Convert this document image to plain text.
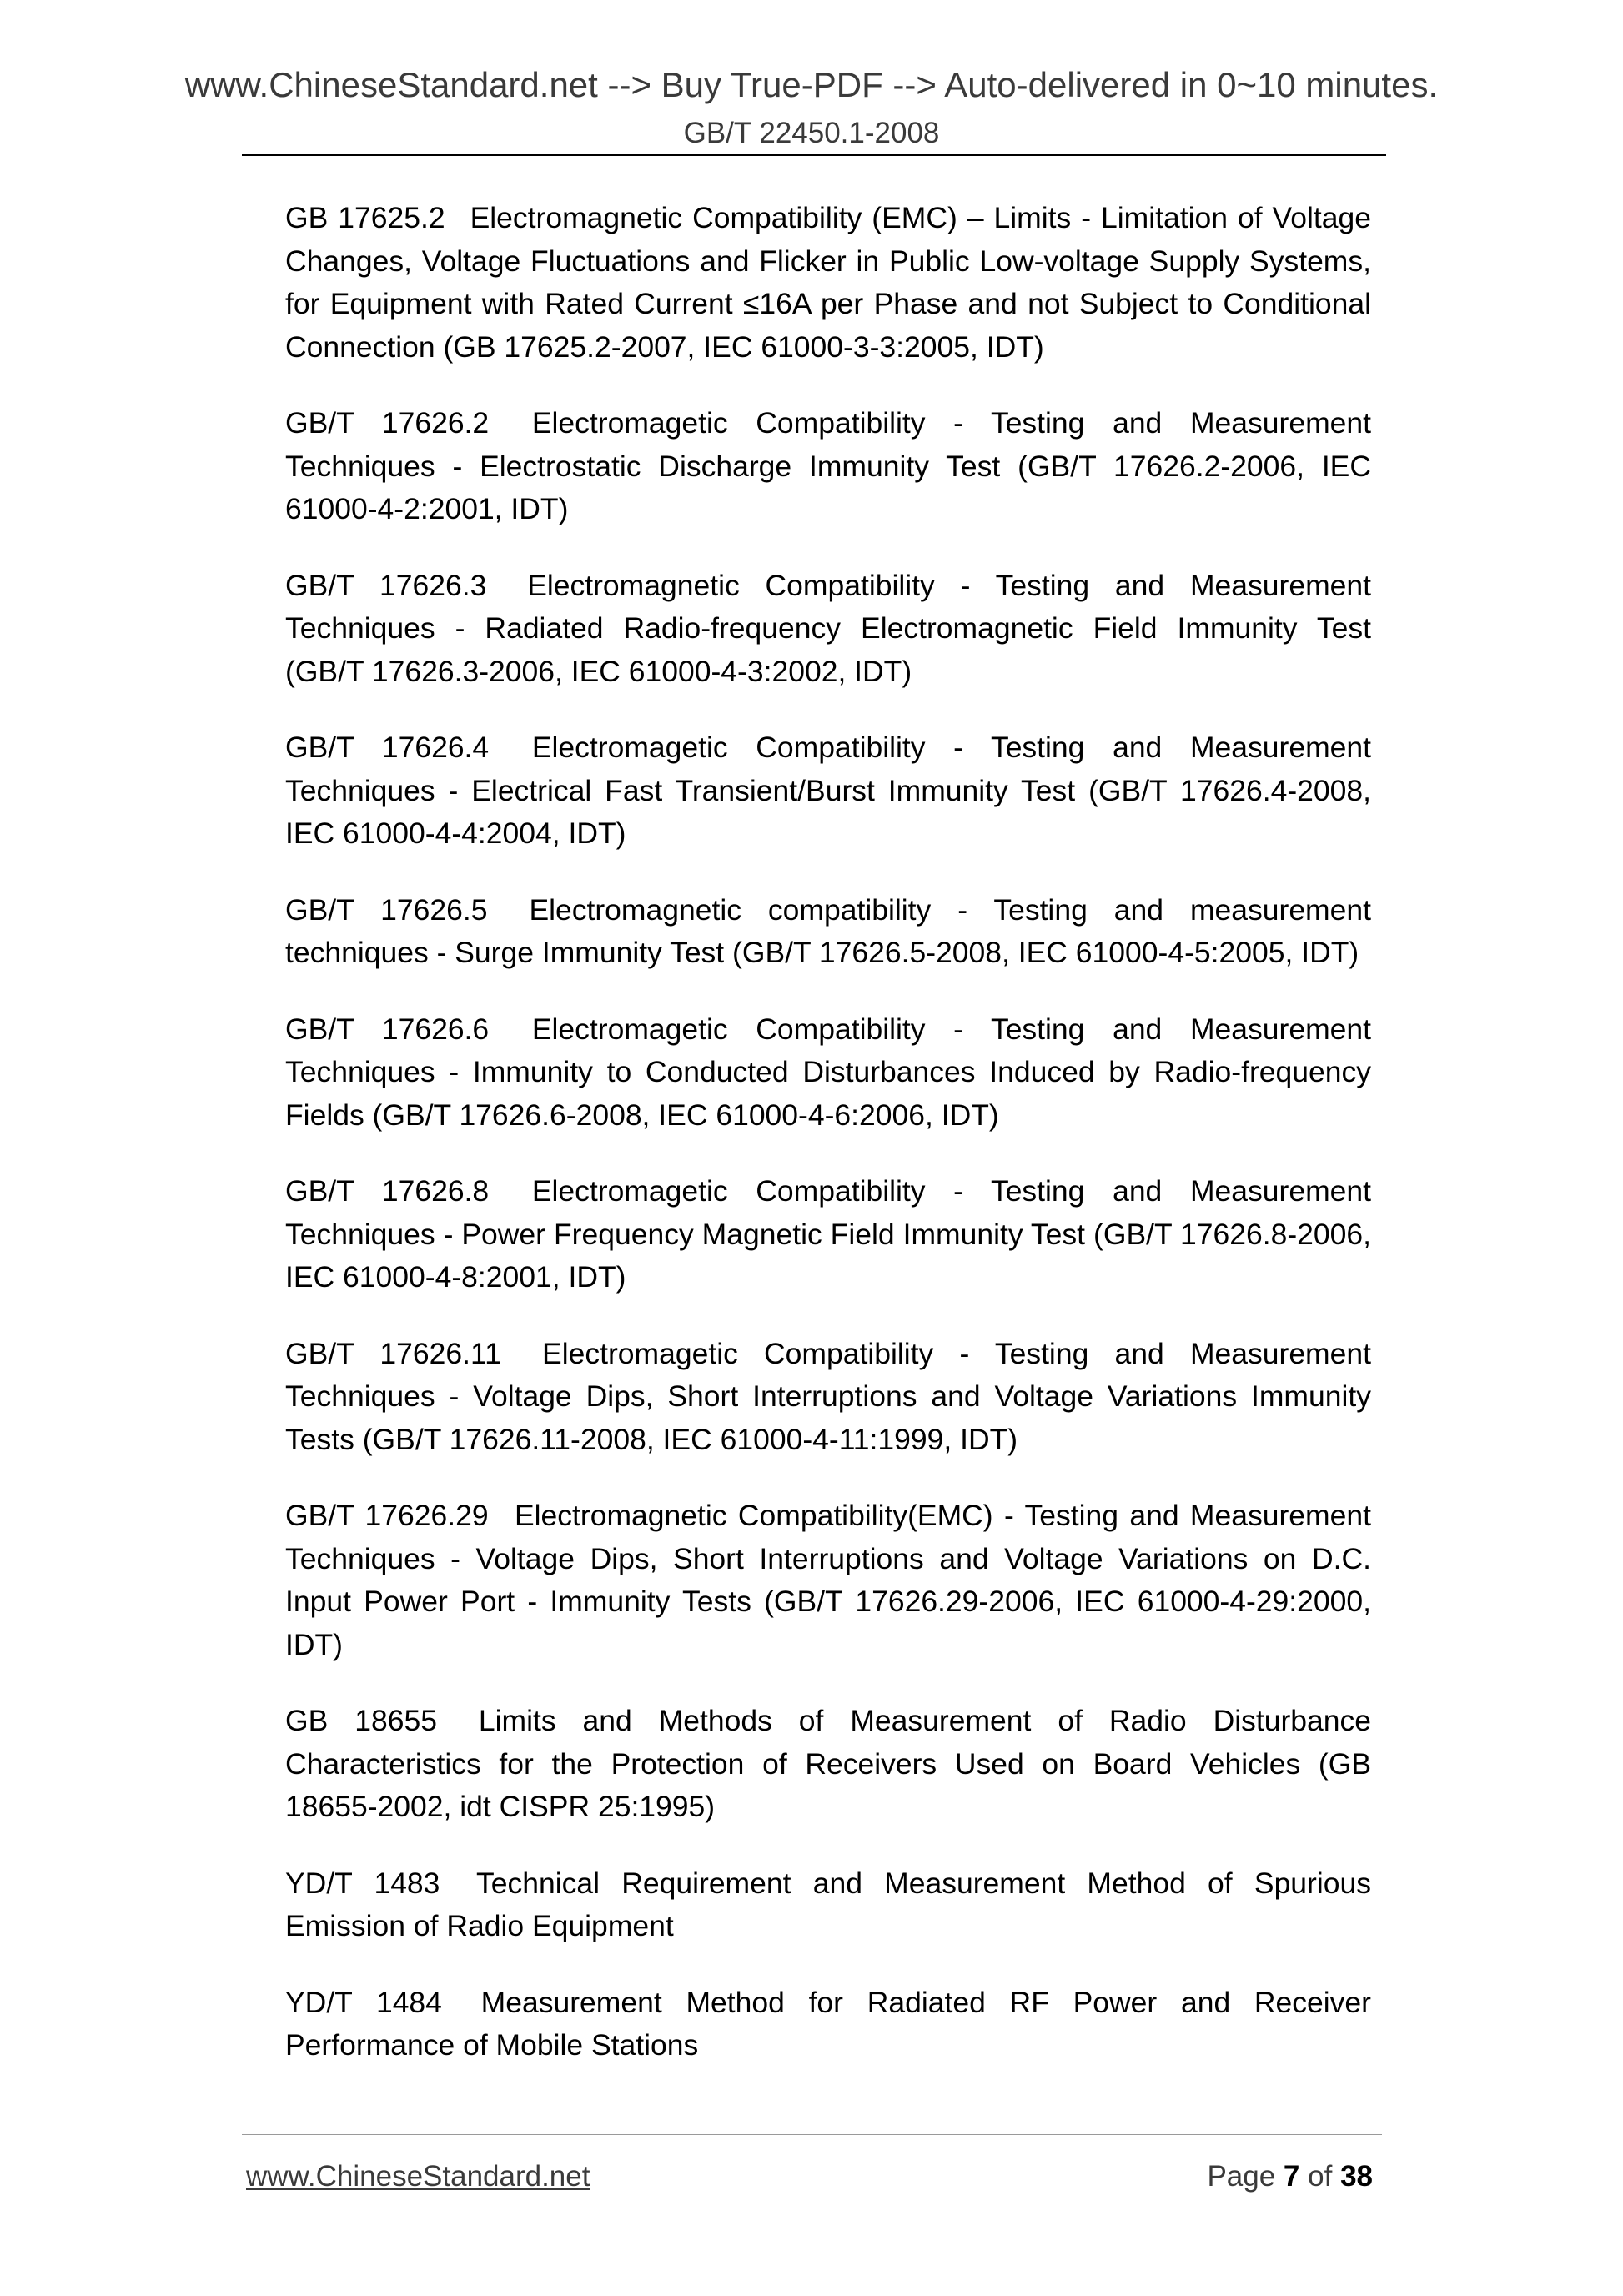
www.ChineseStandard.net --> Buy True-PDF --> Auto-delivered in 0~10 minutes.
GB/T 22450.1-2008

GB 17625.2 Electromagnetic Compatibility (EMC) – Limits - Limitation of Voltage Changes, Voltage Fluctuations and Flicker in Public Low-voltage Supply Systems, for Equipment with Rated Current ≤16A per Phase and not Subject to Conditional Connection (GB 17625.2-2007, IEC 61000-3-3:2005, IDT)

GB/T 17626.2 Electromagetic Compatibility - Testing and Measurement Techniques - Electrostatic Discharge Immunity Test (GB/T 17626.2-2006, IEC 61000-4-2:2001, IDT)

GB/T 17626.3 Electromagnetic Compatibility - Testing and Measurement Techniques - Radiated Radio-frequency Electromagnetic Field Immunity Test (GB/T 17626.3-2006, IEC 61000-4-3:2002, IDT)

GB/T 17626.4 Electromagetic Compatibility - Testing and Measurement Techniques - Electrical Fast Transient/Burst Immunity Test (GB/T 17626.4-2008, IEC 61000-4-4:2004, IDT)

GB/T 17626.5 Electromagnetic compatibility - Testing and measurement techniques - Surge Immunity Test (GB/T 17626.5-2008, IEC 61000-4-5:2005, IDT)

GB/T 17626.6 Electromagetic Compatibility - Testing and Measurement Techniques - Immunity to Conducted Disturbances Induced by Radio-frequency Fields (GB/T 17626.6-2008, IEC 61000-4-6:2006, IDT)

GB/T 17626.8 Electromagetic Compatibility - Testing and Measurement Techniques - Power Frequency Magnetic Field Immunity Test (GB/T 17626.8-2006, IEC 61000-4-8:2001, IDT)

GB/T 17626.11 Electromagetic Compatibility - Testing and Measurement Techniques - Voltage Dips, Short Interruptions and Voltage Variations Immunity Tests (GB/T 17626.11-2008, IEC 61000-4-11:1999, IDT)

GB/T 17626.29 Electromagnetic Compatibility(EMC) - Testing and Measurement Techniques - Voltage Dips, Short Interruptions and Voltage Variations on D.C. Input Power Port - Immunity Tests (GB/T 17626.29-2006, IEC 61000-4-29:2000, IDT)

GB 18655 Limits and Methods of Measurement of Radio Disturbance Characteristics for the Protection of Receivers Used on Board Vehicles (GB 18655-2002, idt CISPR 25:1995)

YD/T 1483 Technical Requirement and Measurement Method of Spurious Emission of Radio Equipment

YD/T 1484 Measurement Method for Radiated RF Power and Receiver Performance of Mobile Stations

www.ChineseStandard.net	Page 7 of 38
